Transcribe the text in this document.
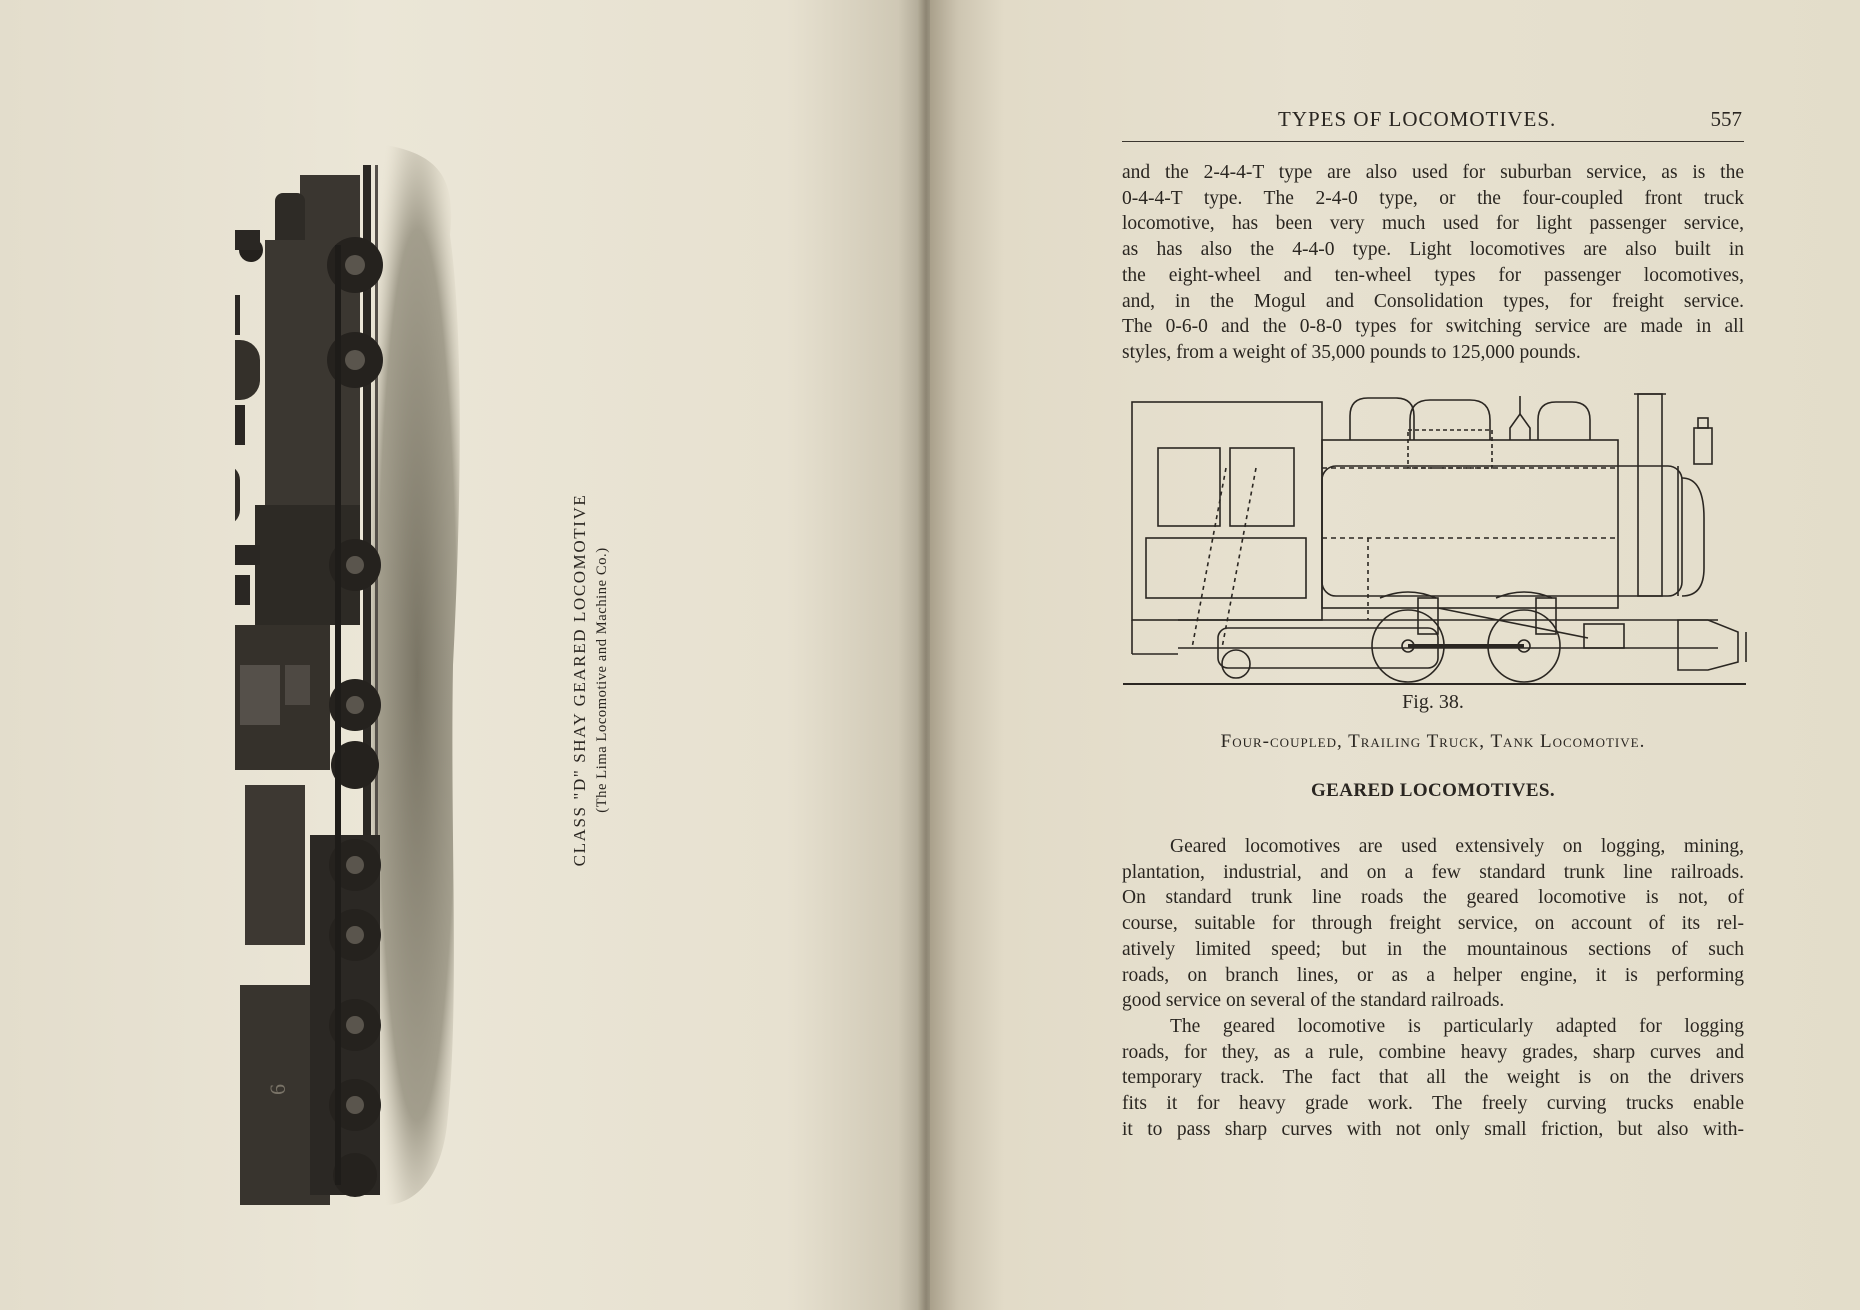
6
CLASS "D" SHAY GEARED LOCOMOTIVE (The Lima Locomotive and Machine Co.)
TYPES OF LOCOMOTIVES.	557
and the 2-4-4-T type are also used for suburban service, as is the
0-4-4-T type. The 2-4-0 type, or the four-coupled front truck
locomotive, has been very much used for light passenger service,
as has also the 4-4-0 type. Light locomotives are also built in
the eight-wheel and ten-wheel types for passenger locomotives,
and, in the Mogul and Consolidation types, for freight service.
The 0-6-0 and the 0-8-0 types for switching service are made in all
styles, from a weight of 35,000 pounds to 125,000 pounds.
Fig. 38.
Four-coupled, Trailing Truck, Tank Locomotive.
GEARED LOCOMOTIVES.
Geared locomotives are used extensively on logging, mining,
plantation, industrial, and on a few standard trunk line railroads.
On standard trunk line roads the geared locomotive is not, of
course, suitable for through freight service, on account of its rel-
atively limited speed; but in the mountainous sections of such
roads, on branch lines, or as a helper engine, it is performing
good service on several of the standard railroads.
The geared locomotive is particularly adapted for logging
roads, for they, as a rule, combine heavy grades, sharp curves and
temporary track. The fact that all the weight is on the drivers
fits it for heavy grade work. The freely curving trucks enable
it to pass sharp curves with not only small friction, but also with-
